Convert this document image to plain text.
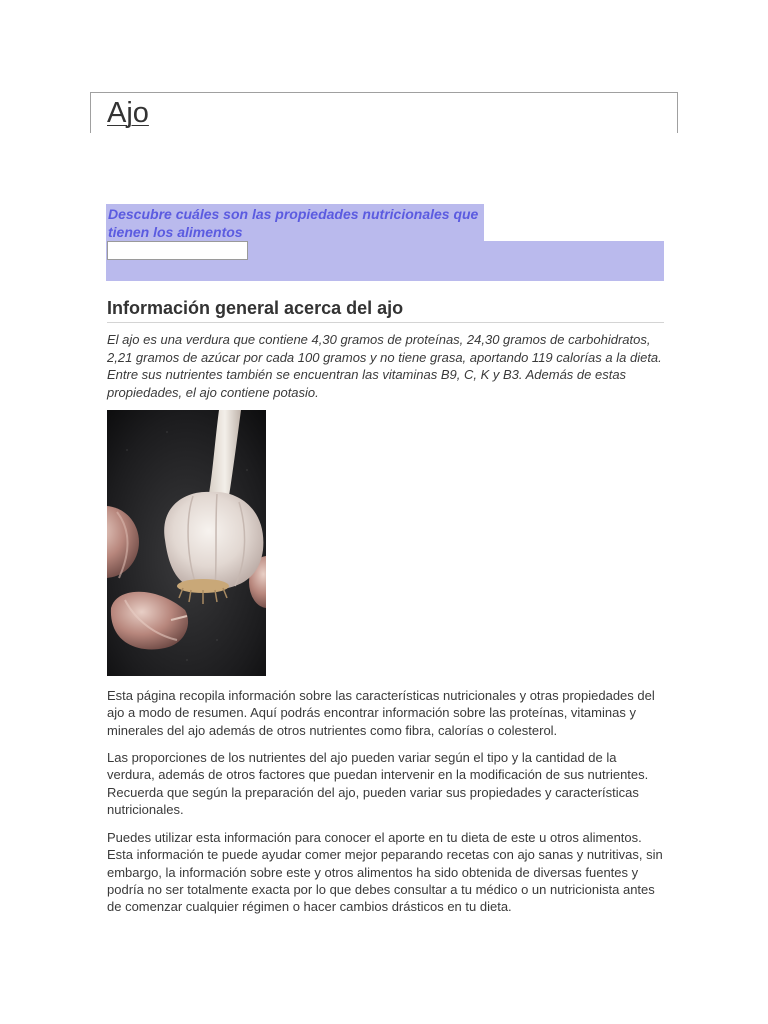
Ajo

Descubre cuáles son las propiedades nutricionales que tienen los alimentos

Información general acerca del ajo

El ajo es una verdura que contiene 4,30 gramos de proteínas, 24,30 gramos de carbohidratos, 2,21 gramos de azúcar por cada 100 gramos y no tiene grasa, aportando 119 calorías a la dieta. Entre sus nutrientes también se encuentran las vitaminas B9, C, K y B3. Además de estas propiedades, el ajo contiene potasio.

Esta página recopila información sobre las características nutricionales y otras propiedades del ajo a modo de resumen. Aquí podrás encontrar información sobre las proteínas, vitaminas y minerales del ajo además de otros nutrientes como fibra, calorías o colesterol.

Las proporciones de los nutrientes del ajo pueden variar según el tipo y la cantidad de la verdura, además de otros factores que puedan intervenir en la modificación de sus nutrientes. Recuerda que según la preparación del ajo, pueden variar sus propiedades y características nutricionales.

Puedes utilizar esta información para conocer el aporte en tu dieta de este u otros alimentos. Esta información te puede ayudar comer mejor peparando recetas con ajo sanas y nutritivas, sin embargo, la información sobre este y otros alimentos ha sido obtenida de diversas fuentes y podría no ser totalmente exacta por lo que debes consultar a tu médico o un nutricionista antes de comenzar cualquier régimen o hacer cambios drásticos en tu dieta.
